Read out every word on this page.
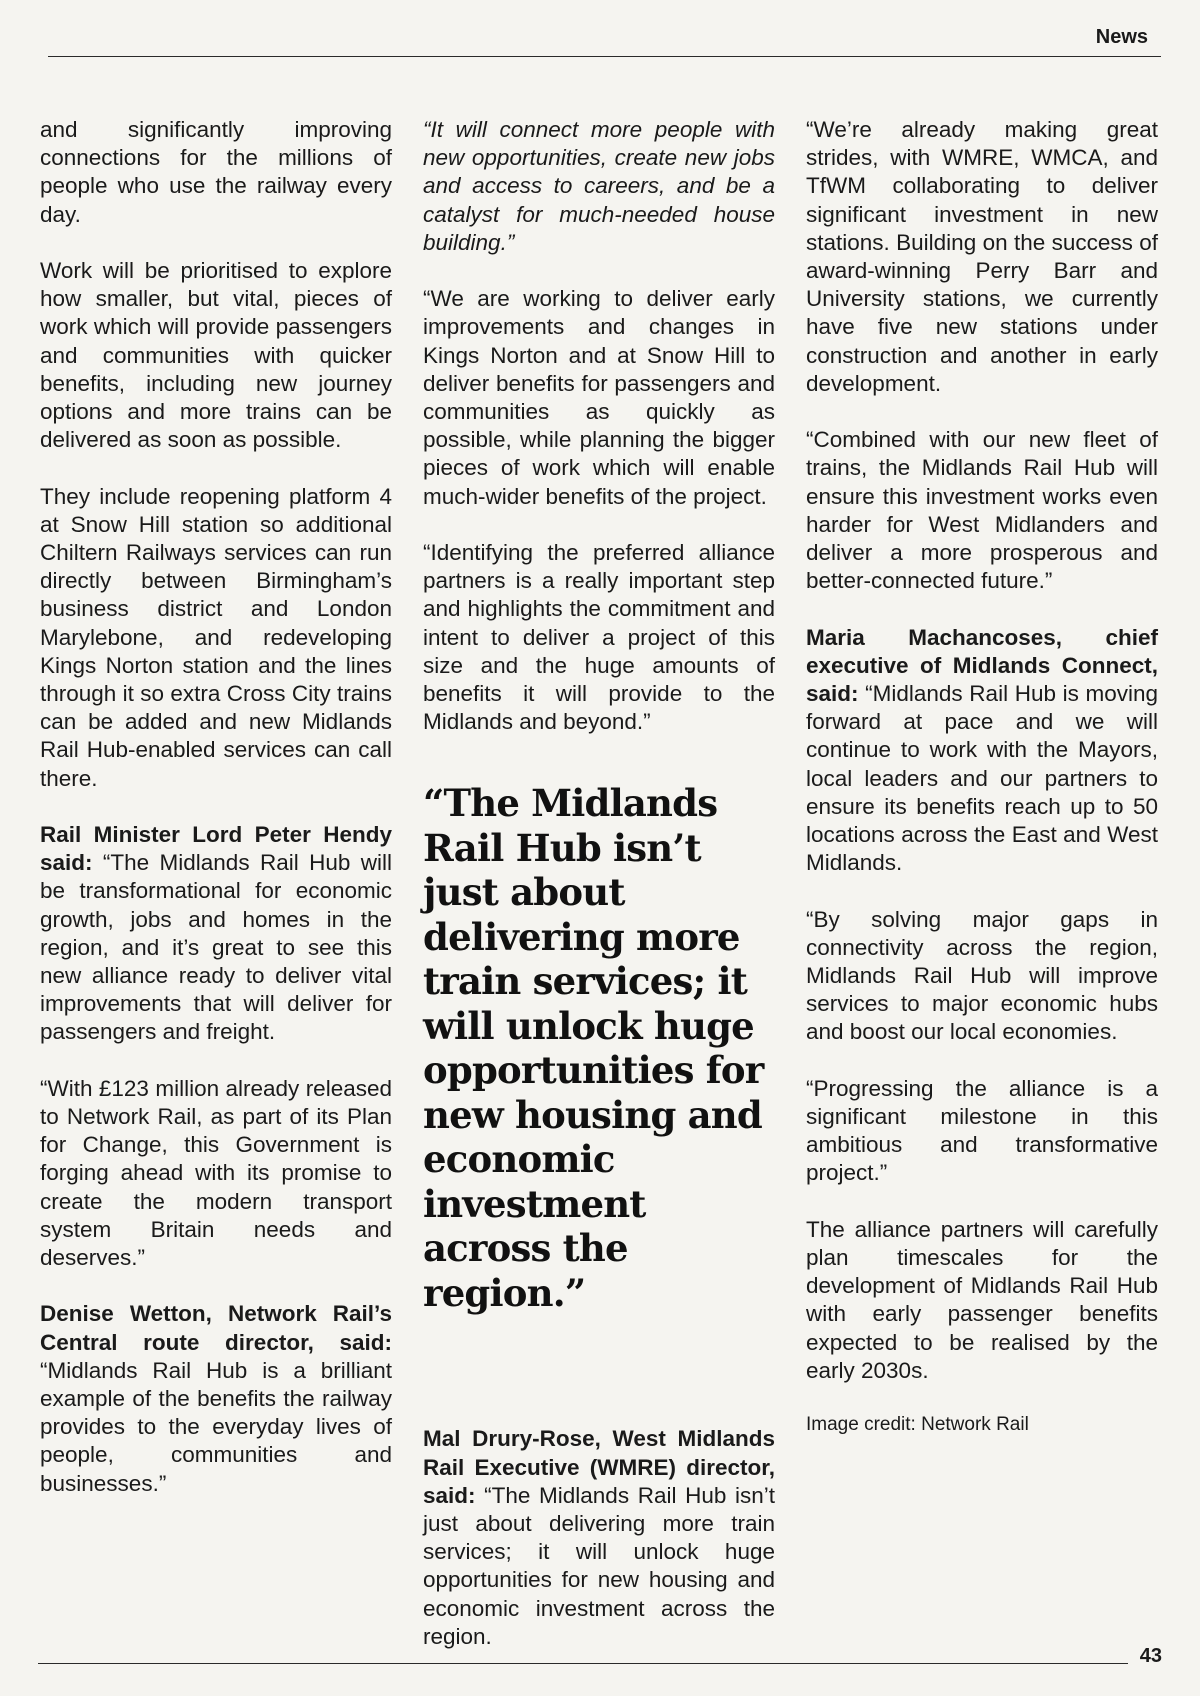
News

and significantly improving connections for the millions of people who use the railway every day.

Work will be prioritised to explore how smaller, but vital, pieces of work which will provide passengers and communities with quicker benefits, including new journey options and more trains can be delivered as soon as possible.

They include reopening platform 4 at Snow Hill station so additional Chiltern Railways services can run directly between Birmingham’s business district and London Marylebone, and redeveloping Kings Norton station and the lines through it so extra Cross City trains can be added and new Midlands Rail Hub-enabled services can call there.

Rail Minister Lord Peter Hendy said: “The Midlands Rail Hub will be transformational for economic growth, jobs and homes in the region, and it’s great to see this new alliance ready to deliver vital improvements that will deliver for passengers and freight.

“With £123 million already released to Network Rail, as part of its Plan for Change, this Government is forging ahead with its promise to create the modern transport system Britain needs and deserves.”

Denise Wetton, Network Rail’s Central route director, said: “Midlands Rail Hub is a brilliant example of the benefits the railway provides to the everyday lives of people, communities and businesses.”

“It will connect more people with new opportunities, create new jobs and access to careers, and be a catalyst for much-needed house building.”

“We are working to deliver early improvements and changes in Kings Norton and at Snow Hill to deliver benefits for passengers and communities as quickly as possible, while planning the bigger pieces of work which will enable much-wider benefits of the project.

“Identifying the preferred alliance partners is a really important step and highlights the commitment and intent to deliver a project of this size and the huge amounts of benefits it will provide to the Midlands and beyond.”

“The Midlands Rail Hub isn’t just about delivering more train services; it will unlock huge opportunities for new housing and economic investment across the region.”

Mal Drury-Rose, West Midlands Rail Executive (WMRE) director, said: “The Midlands Rail Hub isn’t just about delivering more train services; it will unlock huge opportunities for new housing and economic investment across the region.

“We’re already making great strides, with WMRE, WMCA, and TfWM collaborating to deliver significant investment in new stations. Building on the success of award-winning Perry Barr and University stations, we currently have five new stations under construction and another in early development.

“Combined with our new fleet of trains, the Midlands Rail Hub will ensure this investment works even harder for West Midlanders and deliver a more prosperous and better-connected future.”

Maria Machancoses, chief executive of Midlands Connect, said: “Midlands Rail Hub is moving forward at pace and we will continue to work with the Mayors, local leaders and our partners to ensure its benefits reach up to 50 locations across the East and West Midlands.

“By solving major gaps in connectivity across the region, Midlands Rail Hub will improve services to major economic hubs and boost our local economies.

“Progressing the alliance is a significant milestone in this ambitious and transformative project.”

The alliance partners will carefully plan timescales for the development of Midlands Rail Hub with early passenger benefits expected to be realised by the early 2030s.

Image credit: Network Rail

43
